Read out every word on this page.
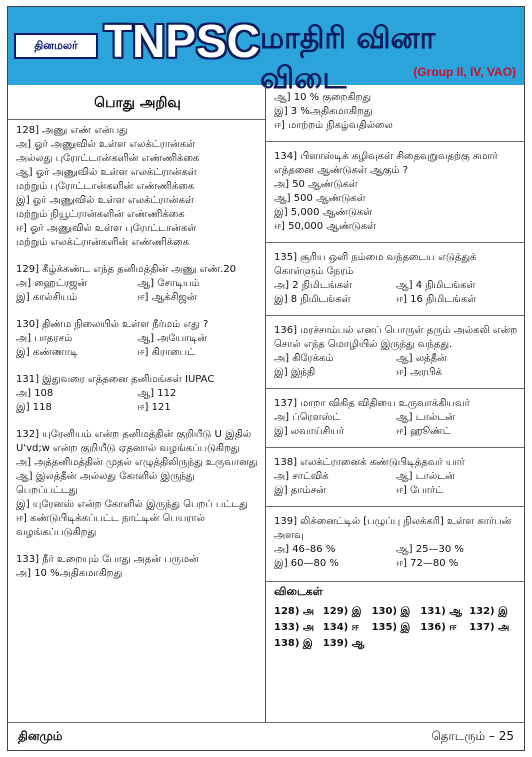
தினமலர் TNPSC மாதிரி வினா விடை	(Group II, IV, VAO)
பொது அறிவு
128] அணு எண் என்பது
அ] ஓர் அணுவில் உள்ள எலக்ட்ரான்கள்
அல்லது புரோட்டான்களின் எண்ணிக்கை
ஆ] ஓர் அணுவில் உள்ள எலக்ட்ரான்கள்
மற்றும் புரோட்டான்களின் எண்ணிக்கை
இ] ஓர் அணுவில் உள்ள எலக்ட்ரான்கள்
மற்றும் நியூட்ரான்களின் எண்ணிக்கை
ஈ] ஓர் அணுவில் உள்ள புரோட்டான்கள்
மற்றும் எலக்ட்ரான்களின் எண்ணிக்கை
129] கீழ்க்கண்ட எந்த தனிமத்தின் அணு எண்.20
அ] ஹைட்ரஜன்	ஆ] சோடியம்
இ] கால்சியம்	ஈ] ஆக்சிஜன்
130] திண்ம நிலையில் உள்ள நீர்மம் எது ?
அ] பாதரசம்	ஆ] அயோடின்
இ] கண்ணாடி	ஈ] கிராபைட்
131] இதுவரை எத்தனை தனிமங்கள் IUPAC
அ] 108	ஆ] 112
இ] 118	ஈ] 121
132] யுரேனியம் என்ற தனிமத்தின் குறியீடு U இதில் U'vd;w என்ற குறியீடு ஏதனால் வழங்கப்படுகிறது
அ] அத்தனிமத்தின் முதல் எழுத்திலிருந்து உருவானது
ஆ] இலத்தீன் அல்லது கோளில் இருந்து பெறப்பட்டது
இ] யுரேனஸ் என்ற கோளில் இருந்து பெறப் பட்டது
ஈ] கண்டுபிடிக்கப்பட்ட நாட்டின் பெயரால் வழங்கப்படுகிறது
133] நீர் உறையும் போது அதன் பருமன்
அ] 10 %அதிகமாகிறது
ஆ] 10 % குறைகிறது
இ] 3 %அதிகமாகிறது
ஈ] மாற்றம் நிகழ்வதில்லை
134] பிளாஸ்டிக் கழிவுகள் சிதைவுறுவதற்கு சுமார் எத்தனை ஆண்டுகள் ஆகும் ?
அ] 50 ஆண்டுகள்
ஆ] 500 ஆண்டுகள்
இ] 5,000 ஆண்டுகள்
ஈ] 50,000 ஆண்டுகள்
135] சூரிய ஒளி நம்மை வந்தடைய எடுத்துக் கொள்ளும் நேரம்
அ] 2 நிமிடங்கள்	ஆ] 4 நிமிடங்கள்
இ] 8 நிமிடங்கள்	ஈ] 16 நிமிடங்கள்
136] மரச்சாம்பல் எனப் பொருள் தரும் அல்கலி என்ற சொல் எந்த மொழியில் இருந்து வந்தது.
அ] கிரேக்கம்	ஆ] லத்தீன்
இ] இந்தி	ஈ] அரபிக்
137] மாறா விகித விதியை உருவாக்கியவர்
அ] ப்ரௌஸ்ட்	ஆ] டால்டன்
இ] லவாய்சியர்	ஈ] ஹூண்ட்
138] எலக்ட்ரானைக் கண்டுபிடித்தவர் யார்
அ] சாட்விக்	ஆ] டால்டன்
இ] தாம்சன்	ஈ] போர்ட்
139] லிக்னைட்டில் [பழுப்பு நிலக்கரி] உள்ள கார்பன் அளவு
அ] 46–86 %	ஆ] 25—30 %
இ] 60—80 %	ஈ] 72—80 %
விடைகள்
128) அ 129) இ	130) இ	131) ஆ 132) இ
133) அ 134) ஈ	135) இ	136) ஈ	137) அ
138) இ	139) ஆ
தினமும்	தொடரும் – 25
